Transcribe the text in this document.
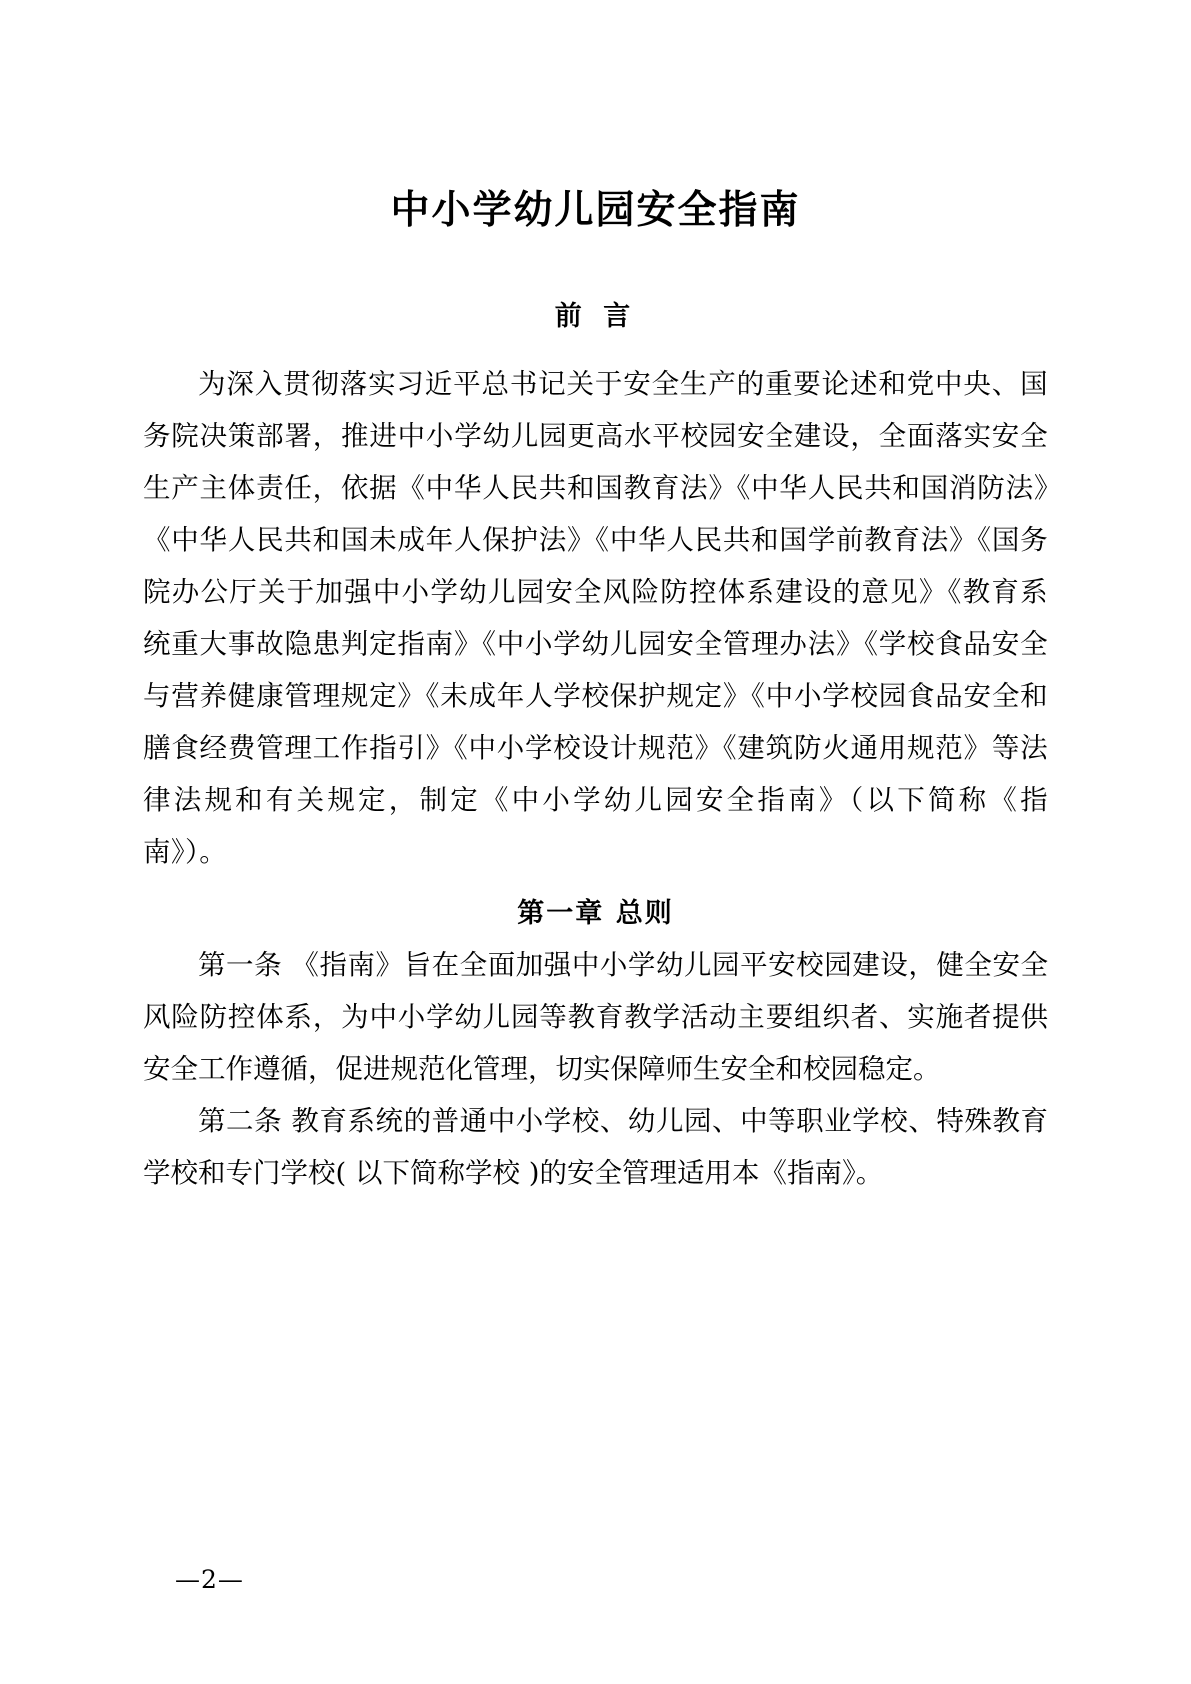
中小学幼儿园安全指南
前 言

为深入贯彻落实习近平总书记关于安全生产的重要论述和党中央、国务院决策部署，推进中小学幼儿园更高水平校园安全建设，全面落实安全生产主体责任，依据《中华人民共和国教育法》《中华人民共和国消防法》《中华人民共和国未成年人保护法》《中华人民共和国学前教育法》《国务院办公厅关于加强中小学幼儿园安全风险防控体系建设的意见》《教育系统重大事故隐患判定指南》《中小学幼儿园安全管理办法》《学校食品安全与营养健康管理规定》《未成年人学校保护规定》《中小学校园食品安全和膳食经费管理工作指引》《中小学校设计规范》《建筑防火通用规范》等法律法规和有关规定，制定《中小学幼儿园安全指南》（以下简称《指南》）。

第一章 总则

第一条 《指南》旨在全面加强中小学幼儿园平安校园建设，健全安全风险防控体系，为中小学幼儿园等教育教学活动主要组织者、实施者提供安全工作遵循，促进规范化管理，切实保障师生安全和校园稳定。

第二条 教育系统的普通中小学校、幼儿园、中等职业学校、特殊教育学校和专门学校( 以下简称学校 )的安全管理适用本《指南》。

—2—
